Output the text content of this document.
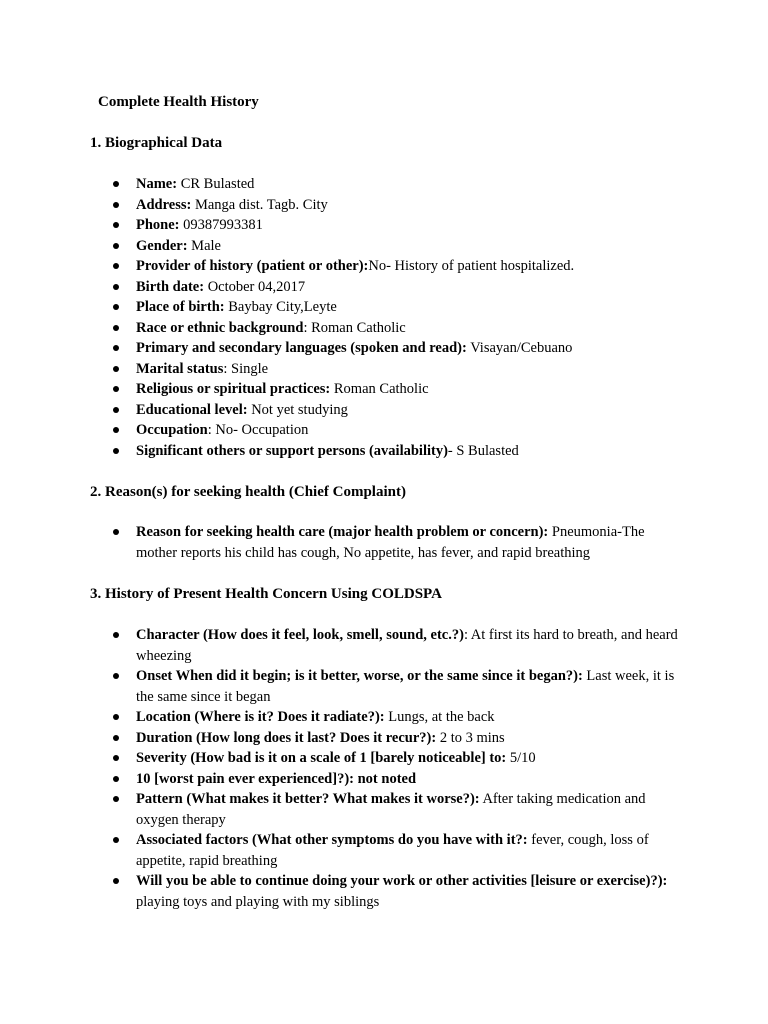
Complete Health History
1. Biographical Data
Name: CR Bulasted
Address: Manga dist. Tagb. City
Phone: 09387993381
Gender: Male
Provider of history (patient or other):No- History of patient hospitalized.
Birth date: October 04,2017
Place of birth: Baybay City,Leyte
Race or ethnic background: Roman Catholic
Primary and secondary languages (spoken and read): Visayan/Cebuano
Marital status: Single
Religious or spiritual practices: Roman Catholic
Educational level: Not yet studying
Occupation: No- Occupation
Significant others or support persons (availability)- S Bulasted
2. Reason(s) for seeking health (Chief Complaint)
Reason for seeking health care (major health problem or concern): Pneumonia-The mother reports his child has cough, No appetite, has fever, and rapid breathing
3. History of Present Health Concern Using COLDSPA
Character (How does it feel, look, smell, sound, etc.?): At first its hard to breath, and heard wheezing
Onset When did it begin; is it better, worse, or the same since it began?): Last week, it is the same since it began
Location (Where is it? Does it radiate?): Lungs, at the back
Duration (How long does it last? Does it recur?): 2 to 3 mins
Severity (How bad is it on a scale of 1 [barely noticeable] to: 5/10
10 [worst pain ever experienced]?): not noted
Pattern (What makes it better? What makes it worse?): After taking medication and oxygen therapy
Associated factors (What other symptoms do you have with it?: fever, cough, loss of appetite, rapid breathing
Will you be able to continue doing your work or other activities [leisure or exercise)?): playing toys and playing with my siblings
